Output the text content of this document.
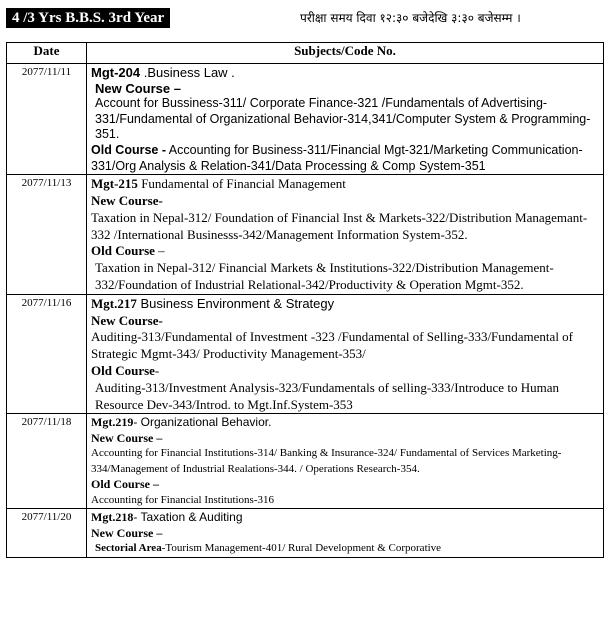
4 /3 Yrs B.B.S. 3rd Year	परीक्षा समय दिवा १२:३० बजेदेखि ३:३० बजेसम्म ।
Date	Subjects/Code No.
2077/11/11	Mgt-204 .Business Law .

New Course –

Account for Bussiness-311/ Corporate Finance-321 /Fundamentals of Advertising-331/Fundamental of Organizational Behavior-314,341/Computer System & Programming-351.

Old Course - Accounting for Business-311/Financial Mgt-321/Marketing Communication-331/Org Analysis & Relation-341/Data Processing & Comp System-351

2077/11/13	Mgt-215 Fundamental of Financial Management

New Course-

Taxation in Nepal-312/ Foundation of Financial Inst & Markets-322/Distribution Managemant-332 /International Businesss-342/Management Information System-352.

Old Course –

Taxation in Nepal-312/ Financial Markets & Institutions-322/Distribution Management-332/Foundation of Industrial Relational-342/Productivity & Operation Mgmt-352.

2077/11/16	Mgt.217 Business Environment & Strategy

New Course-

Auditing-313/Fundamental of Investment -323 /Fundamental of Selling-333/Fundamental of Strategic Mgmt-343/ Productivity Management-353/

Old Course-

Auditing-313/Investment Analysis-323/Fundamentals of selling-333/Introduce to Human Resource Dev-343/Introd. to Mgt.Inf.System-353

2077/11/18	Mgt.219- Organizational Behavior.

New Course –

Accounting for Financial Institutions-314/ Banking & Insurance-324/ Fundamental of Services Marketing-334/Management of Industrial Realations-344. / Operations Research-354.

Old Course –

Accounting for Financial Institutions-316

2077/11/20	Mgt.218- Taxation & Auditing

New Course –

Sectorial Area-Tourism Management-401/ Rural Development & Corporative
